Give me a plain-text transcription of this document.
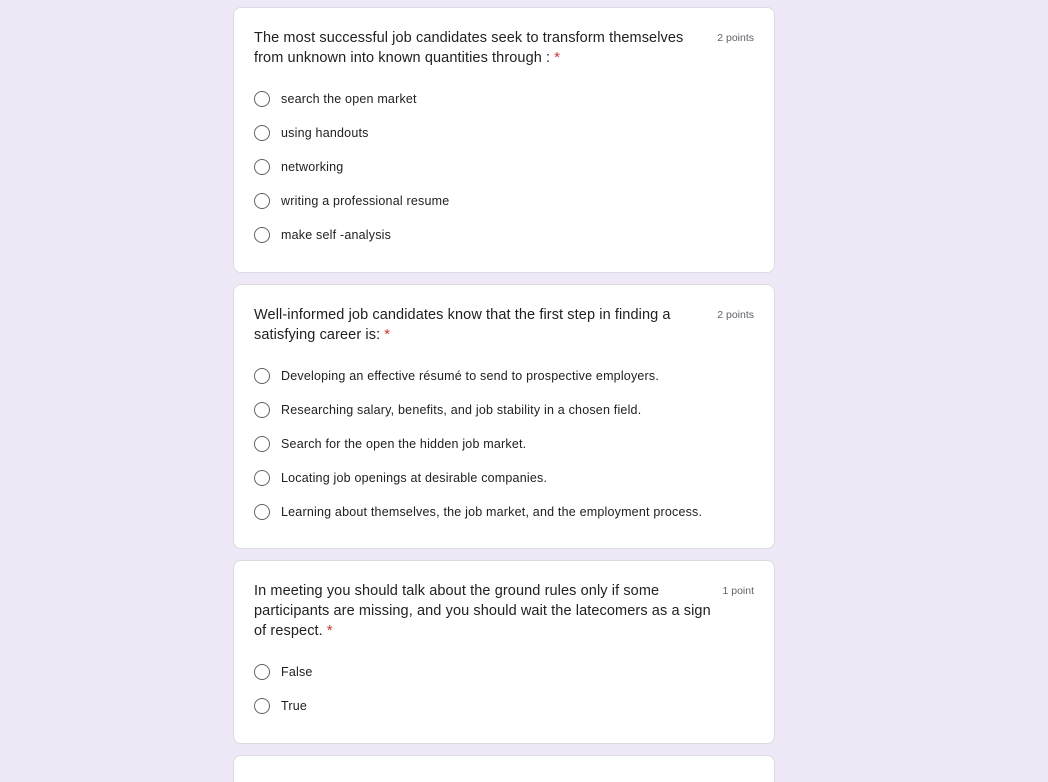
The most successful job candidates seek to transform themselves from unknown into known quantities through : *
2 points
search the open market
using handouts
networking
writing a professional resume
make self -analysis
Well-informed job candidates know that the first step in finding a satisfying career is: *
2 points
Developing an effective résumé to send to prospective employers.
Researching salary, benefits, and job stability in a chosen field.
Search for the open the hidden job market.
Locating job openings at desirable companies.
Learning about themselves, the job market, and the employment process.
In meeting you should talk about the ground rules only if some participants are missing, and you should wait the latecomers as a sign of respect. *
1 point
False
True
